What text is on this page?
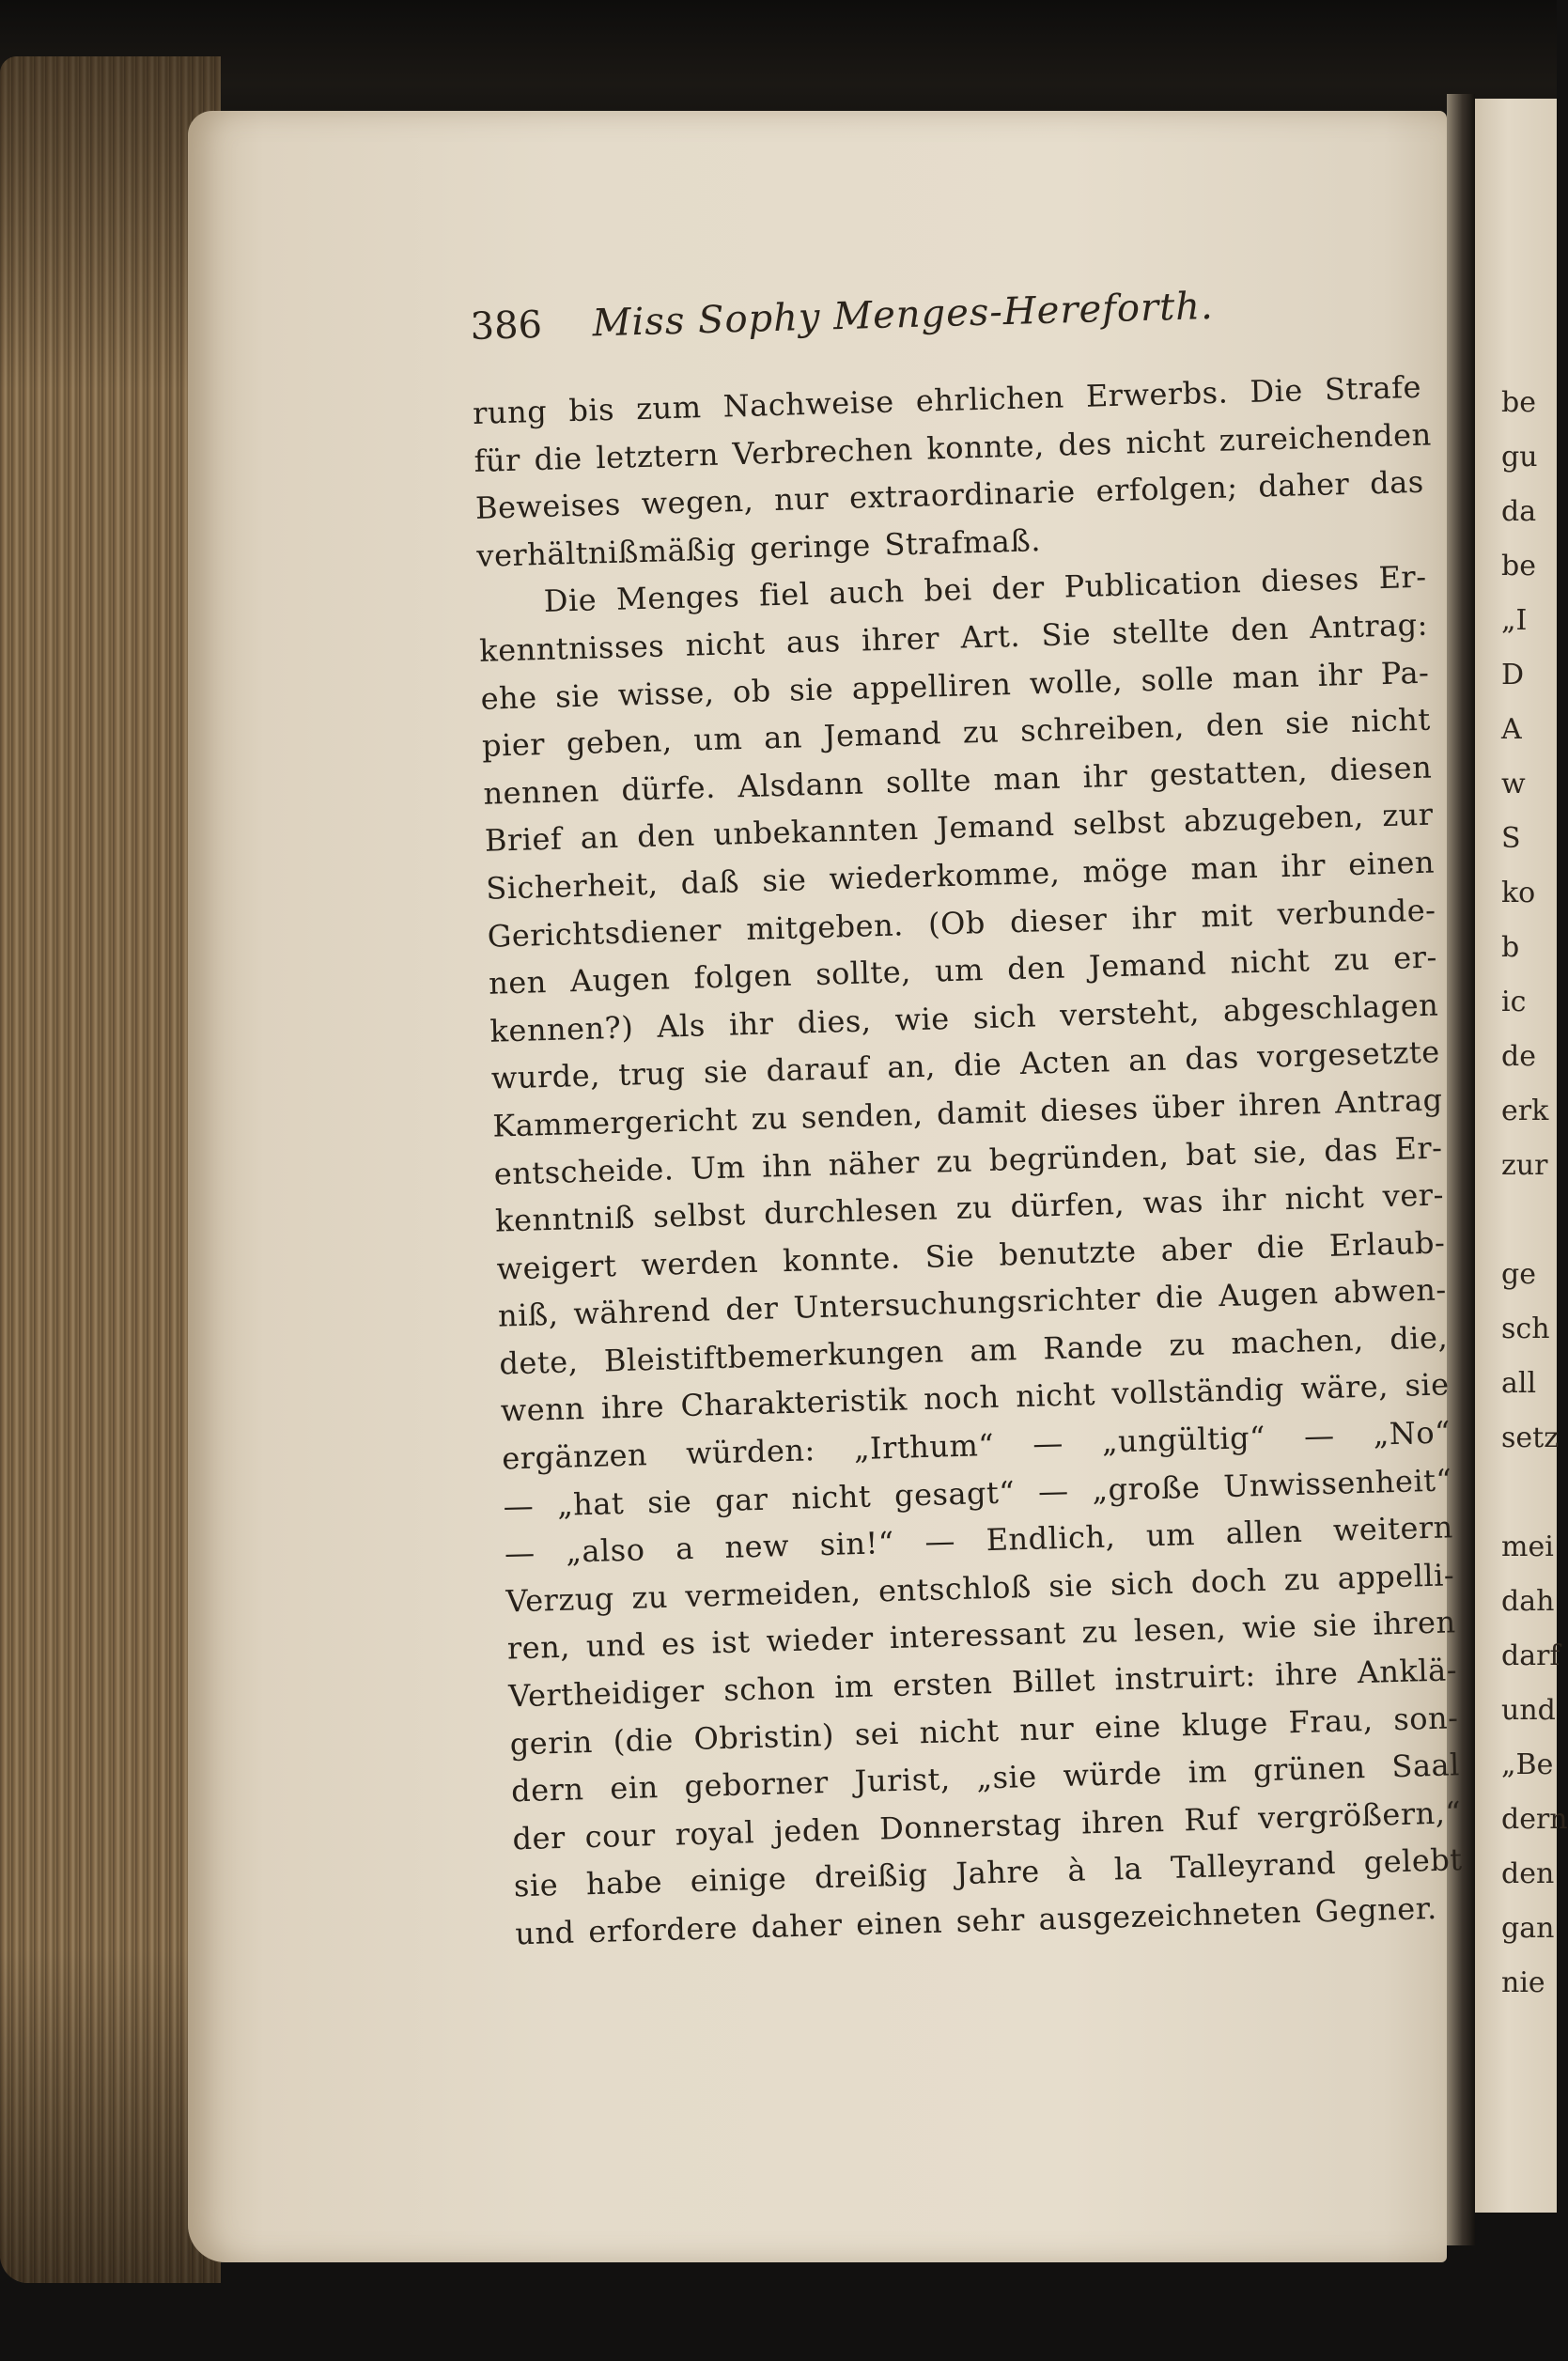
be
gu
da
be
„I
D
A
w
S
ko
b
ic
de
erk
zur
ge
sch
all
setz
mei
dah
darf
und
„Be
dern
den
gan
nie
386	Miss Sophy Menges-Hereforth.
rung bis zum Nachweise ehrlichen Erwerbs. Die Strafe
für die letztern Verbrechen konnte, des nicht zureichenden
Beweises wegen, nur extraordinarie erfolgen; daher das
verhältnißmäßig geringe Strafmaß.
Die Menges fiel auch bei der Publication dieses Er-
kenntnisses nicht aus ihrer Art. Sie stellte den Antrag:
ehe sie wisse, ob sie appelliren wolle, solle man ihr Pa-
pier geben, um an Jemand zu schreiben, den sie nicht
nennen dürfe. Alsdann sollte man ihr gestatten, diesen
Brief an den unbekannten Jemand selbst abzugeben, zur
Sicherheit, daß sie wiederkomme, möge man ihr einen
Gerichtsdiener mitgeben. (Ob dieser ihr mit verbunde-
nen Augen folgen sollte, um den Jemand nicht zu er-
kennen?) Als ihr dies, wie sich versteht, abgeschlagen
wurde, trug sie darauf an, die Acten an das vorgesetzte
Kammergericht zu senden, damit dieses über ihren Antrag
entscheide. Um ihn näher zu begründen, bat sie, das Er-
kenntniß selbst durchlesen zu dürfen, was ihr nicht ver-
weigert werden konnte. Sie benutzte aber die Erlaub-
niß, während der Untersuchungsrichter die Augen abwen-
dete, Bleistiftbemerkungen am Rande zu machen, die,
wenn ihre Charakteristik noch nicht vollständig wäre, sie
ergänzen würden: „Irthum“ — „ungültig“ — „No“
— „hat sie gar nicht gesagt“ — „große Unwissenheit“
— „also a new sin!“ — Endlich, um allen weitern
Verzug zu vermeiden, entschloß sie sich doch zu appelli-
ren, und es ist wieder interessant zu lesen, wie sie ihren
Vertheidiger schon im ersten Billet instruirt: ihre Anklä-
gerin (die Obristin) sei nicht nur eine kluge Frau, son-
dern ein geborner Jurist, „sie würde im grünen Saal
der cour royal jeden Donnerstag ihren Ruf vergrößern,“
sie habe einige dreißig Jahre à la Talleyrand gelebt
und erfordere daher einen sehr ausgezeichneten Gegner.
